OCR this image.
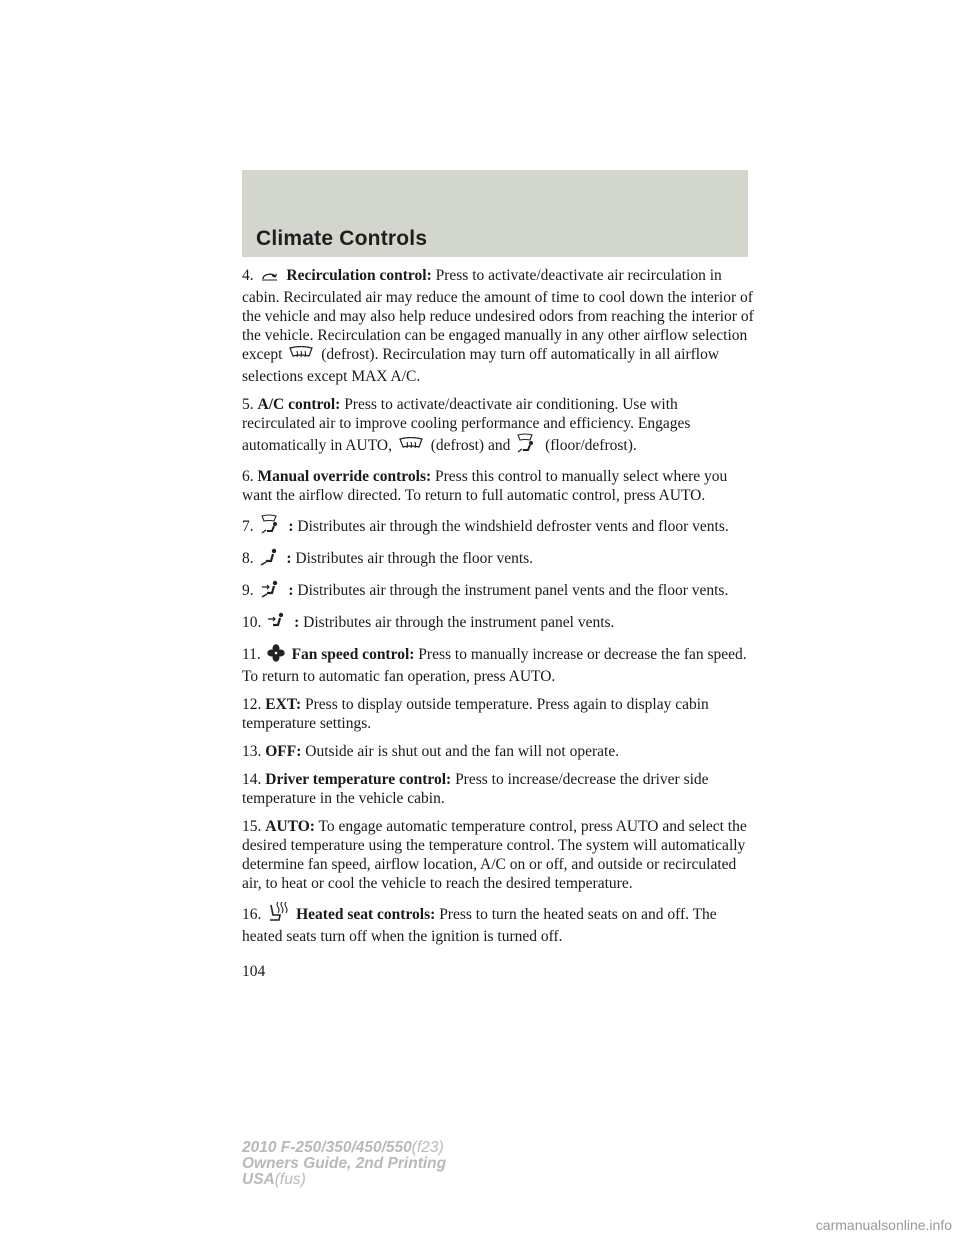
Climate Controls

4. Recirculation control: Press to activate/deactivate air recirculation in cabin. Recirculated air may reduce the amount of time to cool down the interior of the vehicle and may also help reduce undesired odors from reaching the interior of the vehicle. Recirculation can be engaged manually in any other airflow selection except	(defrost). Recirculation may turn off automatically in all airflow selections except MAX A/C.

5. A/C control: Press to activate/deactivate air conditioning. Use with recirculated air to improve cooling performance and efficiency. Engages automatically in AUTO,	(defrost) and (floor/defrost).

6. Manual override controls: Press this control to manually select where you want the airflow directed. To return to full automatic control, press AUTO.

7. : Distributes air through the windshield defroster vents and floor vents.

8. : Distributes air through the floor vents.

9. : Distributes air through the instrument panel vents and the floor vents.

10. : Distributes air through the instrument panel vents.

11. Fan speed control: Press to manually increase or decrease the fan speed. To return to automatic fan operation, press AUTO.

12. EXT: Press to display outside temperature. Press again to display cabin temperature settings.

13. OFF: Outside air is shut out and the fan will not operate.

14. Driver temperature control: Press to increase/decrease the driver side temperature in the vehicle cabin.

15. AUTO: To engage automatic temperature control, press AUTO and select the desired temperature using the temperature control. The system will automatically determine fan speed, airflow location, A/C on or off, and outside or recirculated air, to heat or cool the vehicle to reach the desired temperature.

16. Heated seat controls: Press to turn the heated seats on and off. The heated seats turn off when the ignition is turned off.

104
2010 F-250/350/450/550(f23)
Owners Guide, 2nd Printing
USA(fus)
carmanualsonline.info
